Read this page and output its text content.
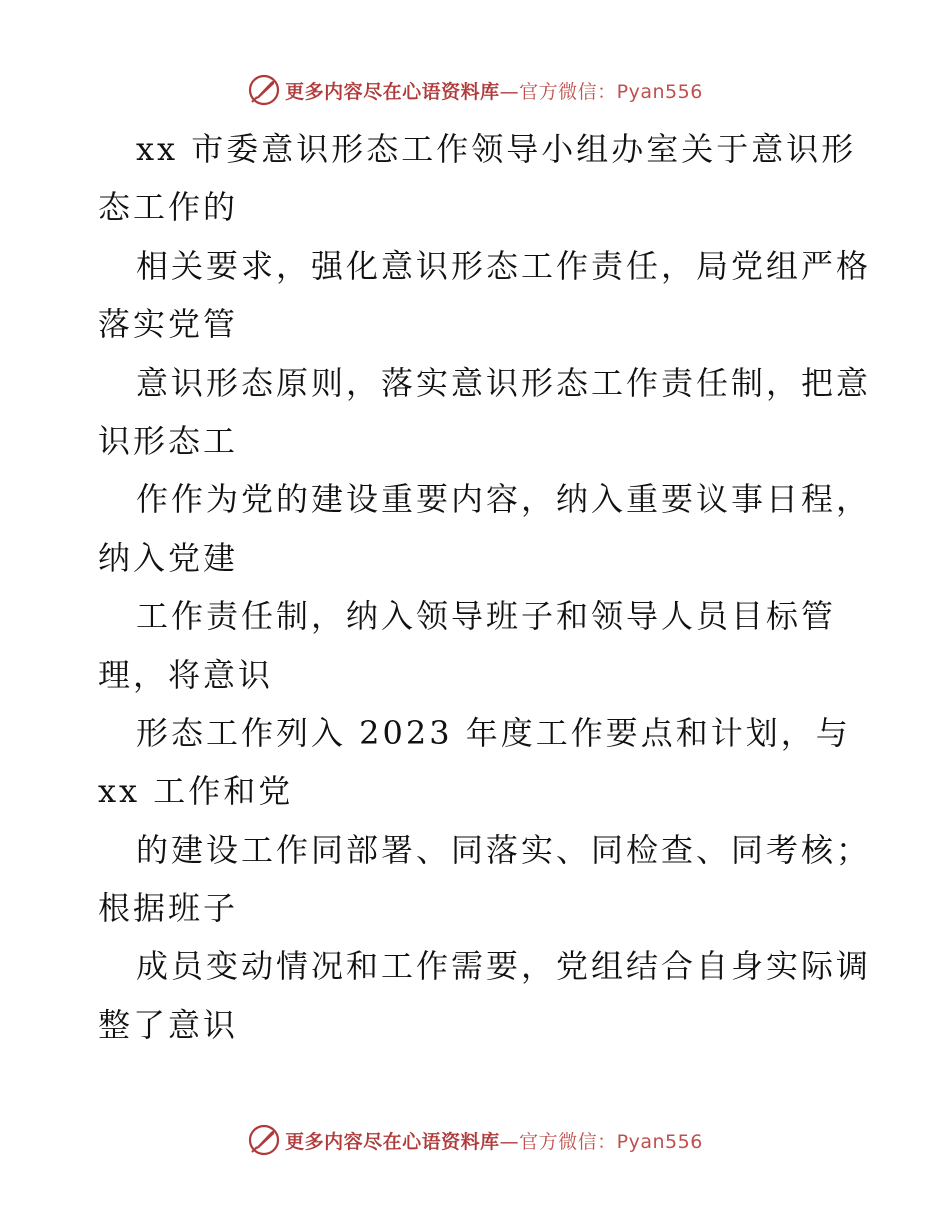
更多内容尽在心语资料库—官方微信：Pyan556
xx 市委意识形态工作领导小组办室关于意识形
态工作的
相关要求，强化意识形态工作责任，局党组严格
落实党管
意识形态原则，落实意识形态工作责任制，把意
识形态工
作作为党的建设重要内容，纳入重要议事日程，
纳入党建
工作责任制，纳入领导班子和领导人员目标管
理，将意识
形态工作列入 2023 年度工作要点和计划，与
xx 工作和党
的建设工作同部署、同落实、同检查、同考核；
根据班子
成员变动情况和工作需要，党组结合自身实际调
整了意识
更多内容尽在心语资料库—官方微信：Pyan556
